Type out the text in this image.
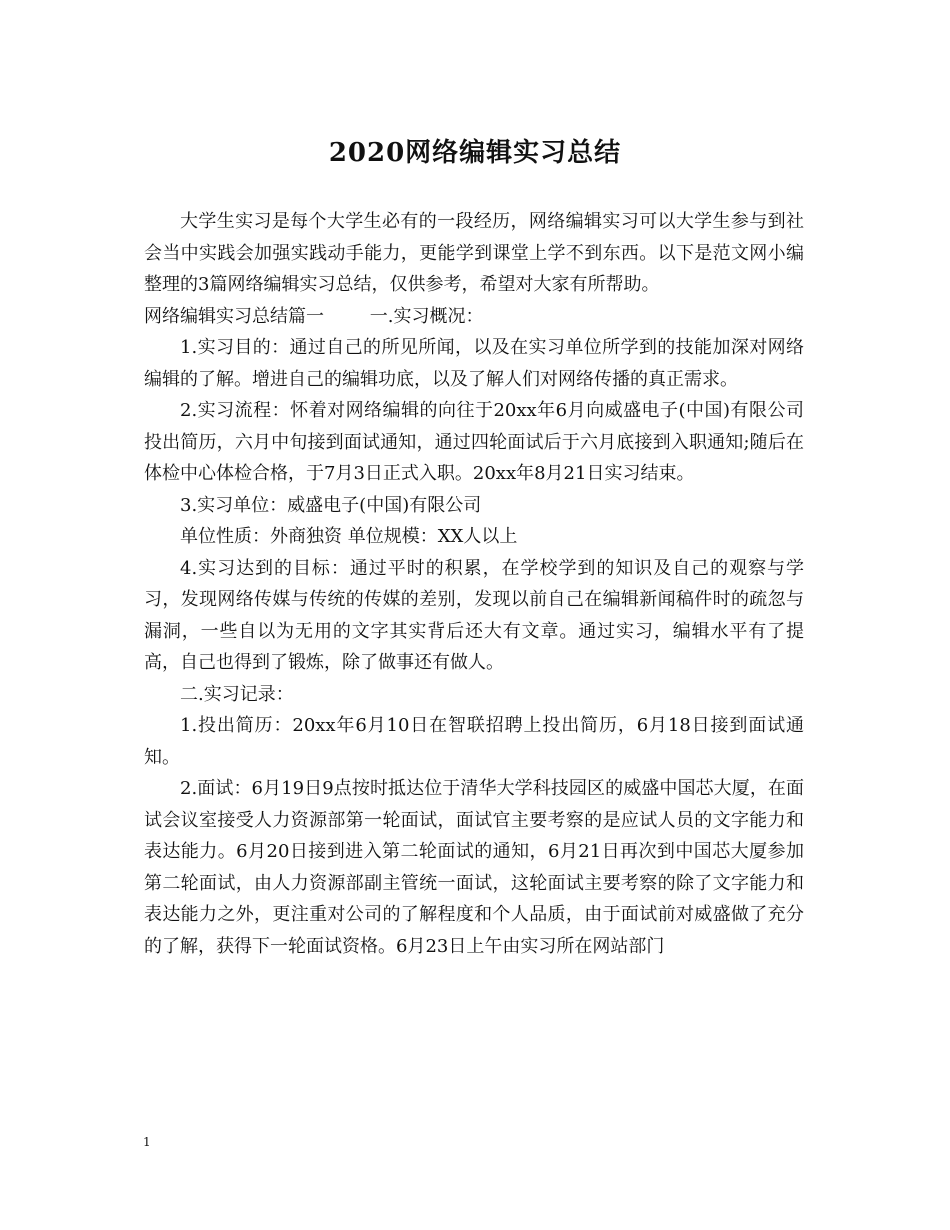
2020网络编辑实习总结

大学生实习是每个大学生必有的一段经历，网络编辑实习可以大学生参与到社会当中实践会加强实践动手能力，更能学到课堂上学不到东西。以下是范文网小编整理的3篇网络编辑实习总结，仅供参考，希望对大家有所帮助。

网络编辑实习总结篇一        一.实习概况：

1.实习目的：通过自己的所见所闻，以及在实习单位所学到的技能加深对网络编辑的了解。增进自己的编辑功底，以及了解人们对网络传播的真正需求。

2.实习流程：怀着对网络编辑的向往于20xx年6月向威盛电子(中国)有限公司投出简历，六月中旬接到面试通知，通过四轮面试后于六月底接到入职通知;随后在体检中心体检合格，于7月3日正式入职。20xx年8月21日实习结束。

3.实习单位：威盛电子(中国)有限公司

单位性质：外商独资 单位规模：XX人以上

4.实习达到的目标：通过平时的积累，在学校学到的知识及自己的观察与学习，发现网络传媒与传统的传媒的差别，发现以前自己在编辑新闻稿件时的疏忽与漏洞，一些自以为无用的文字其实背后还大有文章。通过实习，编辑水平有了提高，自己也得到了锻炼，除了做事还有做人。

二.实习记录：

1.投出简历：20xx年6月10日在智联招聘上投出简历，6月18日接到面试通知。

2.面试：6月19日9点按时抵达位于清华大学科技园区的威盛中国芯大厦，在面试会议室接受人力资源部第一轮面试，面试官主要考察的是应试人员的文字能力和表达能力。6月20日接到进入第二轮面试的通知，6月21日再次到中国芯大厦参加第二轮面试，由人力资源部副主管统一面试，这轮面试主要考察的除了文字能力和表达能力之外，更注重对公司的了解程度和个人品质，由于面试前对威盛做了充分的了解，获得下一轮面试资格。6月23日上午由实习所在网站部门

1
